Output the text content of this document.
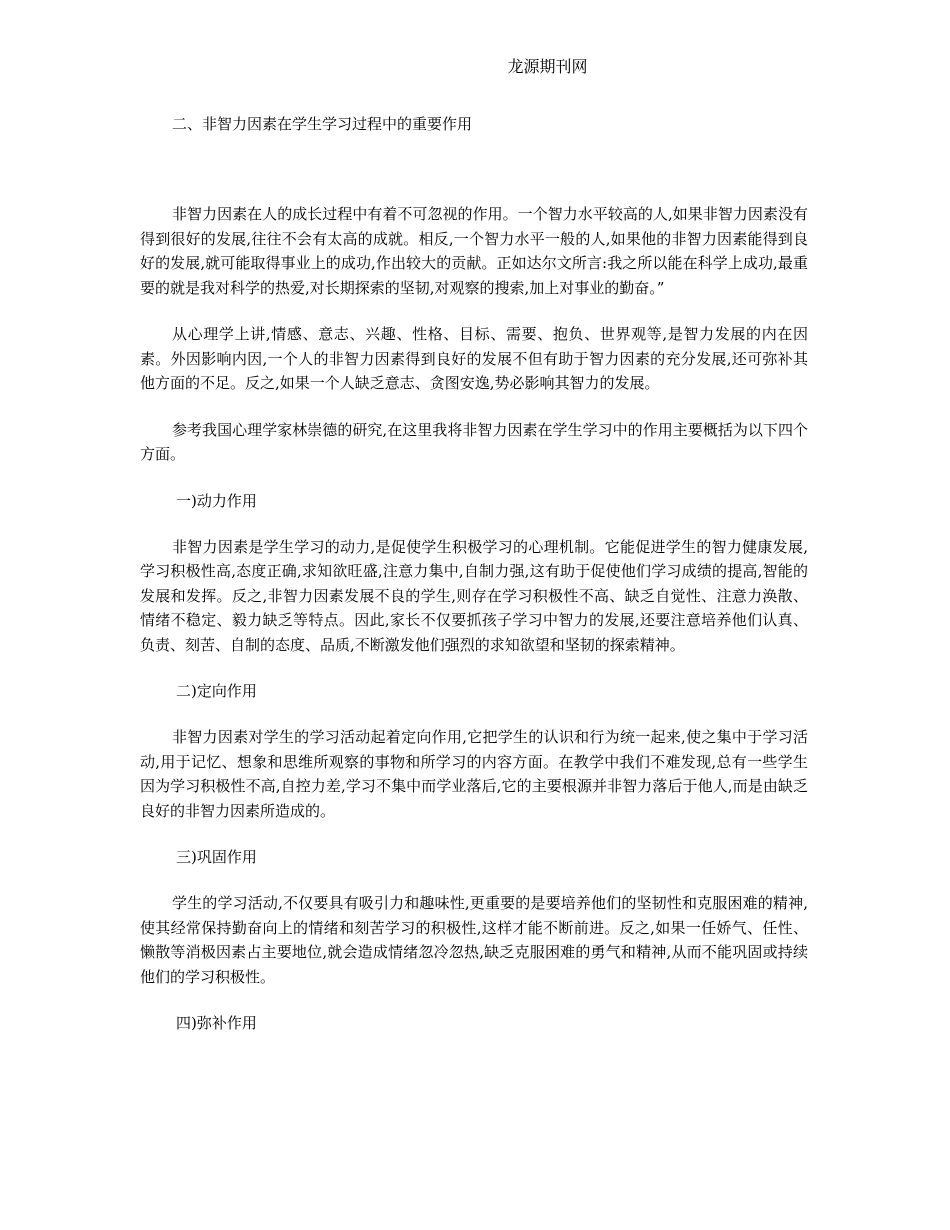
龙源期刊网
二、非智力因素在学生学习过程中的重要作用

非智力因素在人的成长过程中有着不可忽视的作用。一个智力水平较高的人,如果非智力因素没有得到很好的发展,往往不会有太高的成就。相反,一个智力水平一般的人,如果他的非智力因素能得到良好的发展,就可能取得事业上的成功,作出较大的贡献。正如达尔文所言:我之所以能在科学上成功,最重要的就是我对科学的热爱,对长期探索的坚韧,对观察的搜索,加上对事业的勤奋。”

从心理学上讲,情感、意志、兴趣、性格、目标、需要、抱负、世界观等,是智力发展的内在因素。外因影响内因,一个人的非智力因素得到良好的发展不但有助于智力因素的充分发展,还可弥补其他方面的不足。反之,如果一个人缺乏意志、贪图安逸,势必影响其智力的发展。

参考我国心理学家林崇德的研究,在这里我将非智力因素在学生学习中的作用主要概括为以下四个方面。

一)动力作用

非智力因素是学生学习的动力,是促使学生积极学习的心理机制。它能促进学生的智力健康发展,学习积极性高,态度正确,求知欲旺盛,注意力集中,自制力强,这有助于促使他们学习成绩的提高,智能的发展和发挥。反之,非智力因素发展不良的学生,则存在学习积极性不高、缺乏自觉性、注意力涣散、情绪不稳定、毅力缺乏等特点。因此,家长不仅要抓孩子学习中智力的发展,还要注意培养他们认真、负责、刻苦、自制的态度、品质,不断激发他们强烈的求知欲望和坚韧的探索精神。

二)定向作用

非智力因素对学生的学习活动起着定向作用,它把学生的认识和行为统一起来,使之集中于学习活动,用于记忆、想象和思维所观察的事物和所学习的内容方面。在教学中我们不难发现,总有一些学生因为学习积极性不高,自控力差,学习不集中而学业落后,它的主要根源并非智力落后于他人,而是由缺乏良好的非智力因素所造成的。

三)巩固作用

学生的学习活动,不仅要具有吸引力和趣味性,更重要的是要培养他们的坚韧性和克服困难的精神,使其经常保持勤奋向上的情绪和刻苦学习的积极性,这样才能不断前进。反之,如果一任娇气、任性、懒散等消极因素占主要地位,就会造成情绪忽冷忽热,缺乏克服困难的勇气和精神,从而不能巩固或持续他们的学习积极性。

四)弥补作用
